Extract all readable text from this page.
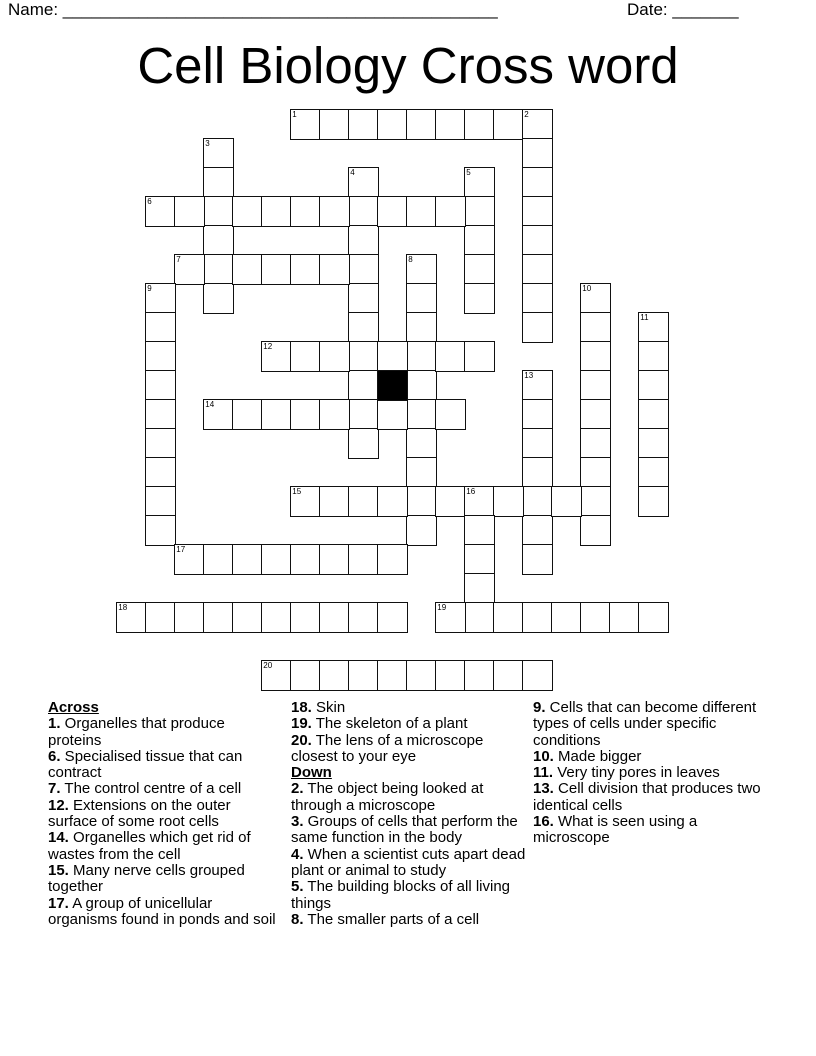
Name: ______________________________________________	Date: _______
Cell Biology Cross word
1	2
3
4	5
6
7	8
9	10
11
12
13
14
15	16
17
18	19
20
Across
1. Organelles that produce proteins
6. Specialised tissue that can contract
7. The control centre of a cell
12. Extensions on the outer surface of some root cells
14. Organelles which get rid of wastes from the cell
15. Many nerve cells grouped together
17. A group of unicellular organisms found in ponds and soil
18. Skin
19. The skeleton of a plant
20. The lens of a microscope closest to your eye
Down
2. The object being looked at through a microscope
3. Groups of cells that perform the same function in the body
4. When a scientist cuts apart dead plant or animal to study
5. The building blocks of all living things
8. The smaller parts of a cell
9. Cells that can become different types of cells under specific conditions
10. Made bigger
11. Very tiny pores in leaves
13. Cell division that produces two identical cells
16. What is seen using a microscope
